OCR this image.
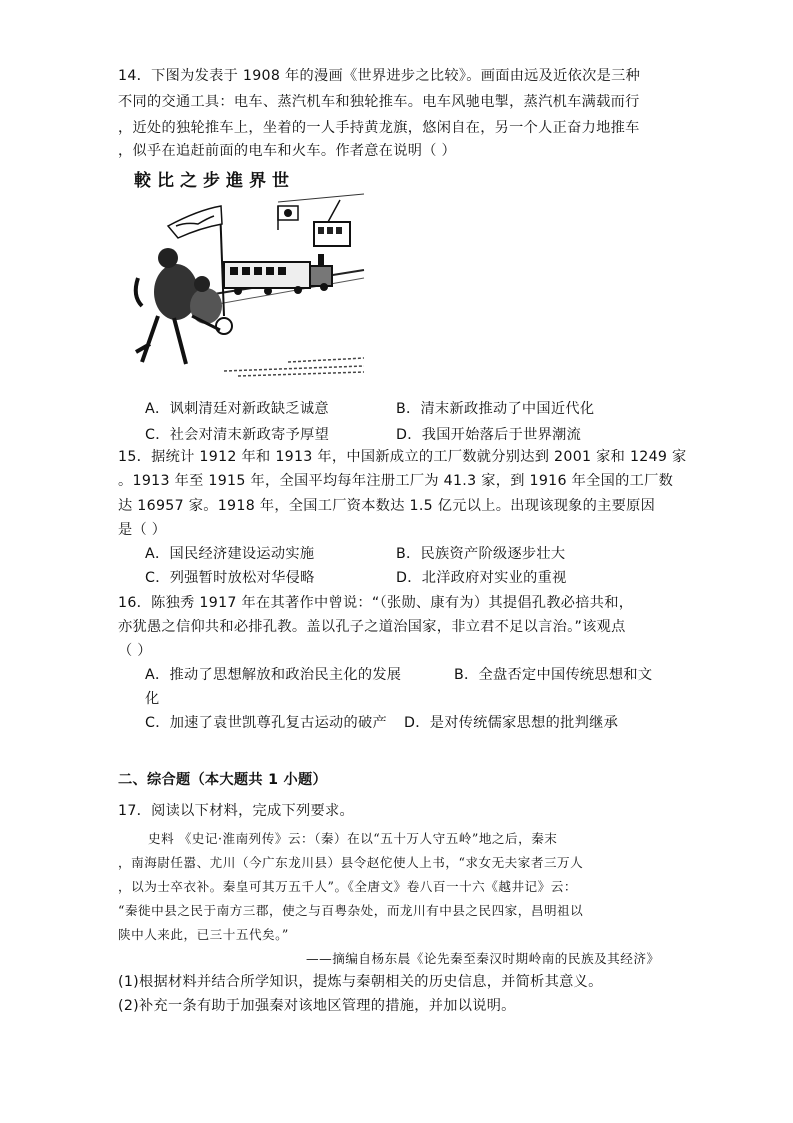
14．下图为发表于 1908 年的漫画《世界进步之比较》。画面由远及近依次是三种
不同的交通工具：电车、蒸汽机车和独轮推车。电车风驰电掣，蒸汽机车满载而行
，近处的独轮推车上，坐着的一人手持黄龙旗，悠闲自在，另一个人正奋力地推车
，似乎在追赶前面的电车和火车。作者意在说明（ ）
較比之步進界世
A．讽刺清廷对新政缺乏诚意	B．清末新政推动了中国近代化
C．社会对清末新政寄予厚望	D．我国开始落后于世界潮流
15．据统计 1912 年和 1913 年，中国新成立的工厂数就分别达到 2001 家和 1249 家
。1913 年至 1915 年，全国平均每年注册工厂为 41.3 家，到 1916 年全国的工厂数
达 16957 家。1918 年，全国工厂资本数达 1.5 亿元以上。出现该现象的主要原因
是（ ）
A．国民经济建设运动实施	B．民族资产阶级逐步壮大
C．列强暂时放松对华侵略	D．北洋政府对实业的重视
16．陈独秀 1917 年在其著作中曾说：“（张勋、康有为）其提倡孔教必掊共和，
亦犹愚之信仰共和必排孔教。盖以孔子之道治国家，非立君不足以言治。”该观点
（ ）
A．推动了思想解放和政治民主化的发展	B．全盘否定中国传统思想和文
化
C．加速了袁世凯尊孔复古运动的破产 D．是对传统儒家思想的批判继承
二、综合题（本大题共 1 小题）
17．阅读以下材料，完成下列要求。
史料 《史记·淮南列传》云：（秦）在以“五十万人守五岭”地之后，秦末
，南海尉任嚣、尤川（今广东龙川县）县令赵佗使人上书，“求女无夫家者三万人
，以为士卒衣补。秦皇可其万五千人”。《全唐文》卷八百一十六《越井记》云：
“秦徙中县之民于南方三郡，使之与百粤杂处，而龙川有中县之民四家，昌明祖以
陕中人来此，已三十五代矣。”
——摘编自杨东晨《论先秦至秦汉时期岭南的民族及其经济》
(1)根据材料并结合所学知识，提炼与秦朝相关的历史信息，并简析其意义。
(2)补充一条有助于加强秦对该地区管理的措施，并加以说明。
